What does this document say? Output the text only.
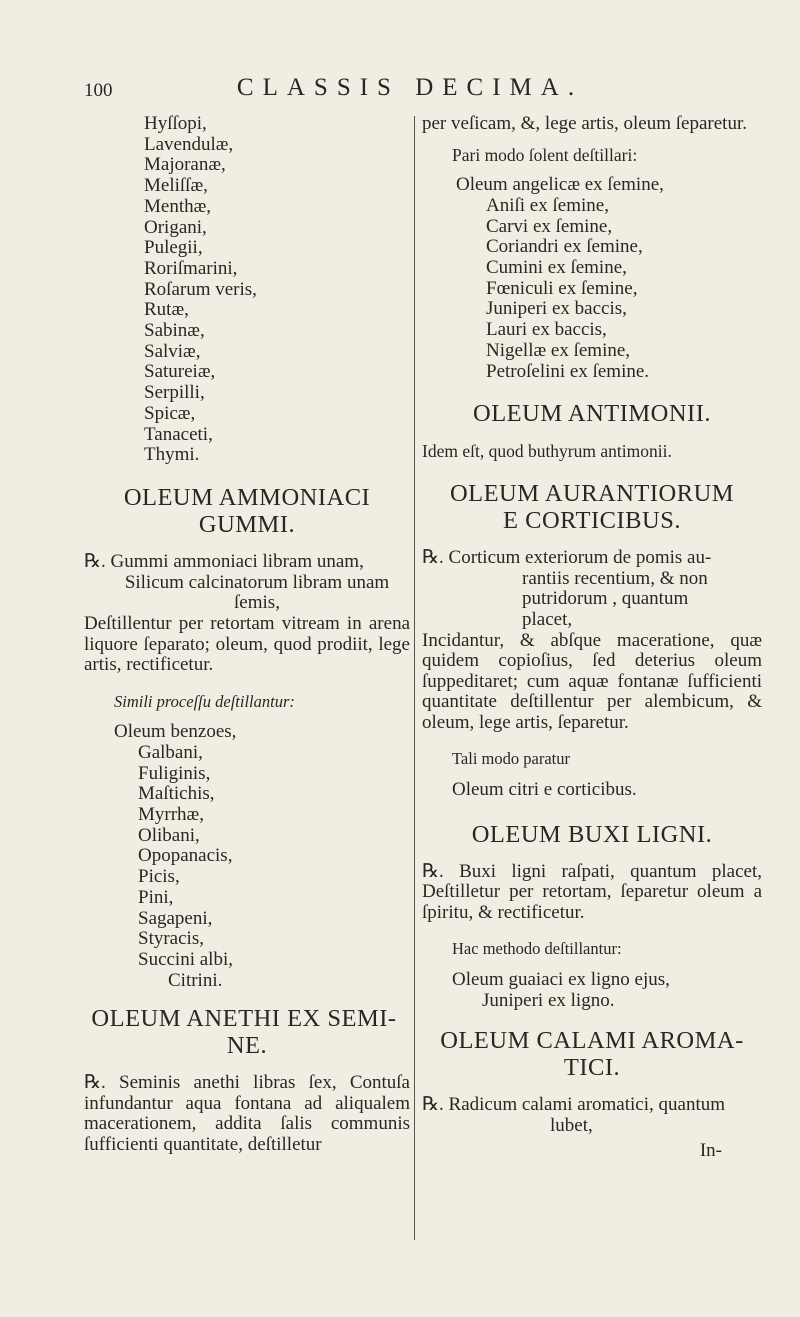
100	CLASSIS DECIMA.
Hyſſopi,
Lavendulæ,
Majoranæ,
Meliſſæ,
Menthæ,
Origani,
Pulegii,
Roriſmarini,
Roſarum veris,
Rutæ,
Sabinæ,
Salviæ,
Satureiæ,
Serpilli,
Spicæ,
Tanaceti,
Thymi.
OLEUM AMMONIACI
GUMMI.
℞. Gummi ammoniaci libram unam,
Silicum calcinatorum libram unam
ſemis,
Deſtillentur per retortam vitream in arena liquore ſeparato; oleum, quod prodiit, lege artis, rectificetur.
Simili proceſſu deſtillantur:
Oleum benzoes,
Galbani,
Fuliginis,
Maſtichis,
Myrrhæ,
Olibani,
Opopanacis,
Picis,
Pini,
Sagapeni,
Styracis,
Succini albi,
Citrini.
OLEUM ANETHI EX SEMI-
NE.
℞. Seminis anethi libras ſex, Contuſa infundantur aqua fontana ad aliqualem macerationem, addita ſalis communis ſufficienti quantitate, deſtilletur
per veſicam, &, lege artis, oleum ſeparetur.
Pari modo ſolent deſtillari:
Oleum angelicæ ex ſemine,
Aniſi ex ſemine,
Carvi ex ſemine,
Coriandri ex ſemine,
Cumini ex ſemine,
Fœniculi ex ſemine,
Juniperi ex baccis,
Lauri ex baccis,
Nigellæ ex ſemine,
Petroſelini ex ſemine.
OLEUM ANTIMONII.
Idem eſt, quod buthyrum antimonii.
OLEUM AURANTIORUM
E CORTICIBUS.
℞. Corticum exteriorum de pomis au-
rantiis recentium, & non
putridorum , quantum
placet,
Incidantur, & abſque maceratione, quæ quidem copioſius, ſed deterius oleum ſuppeditaret; cum aquæ fontanæ ſufficienti quantitate deſtillentur per alembicum, & oleum, lege artis, ſeparetur.
Tali modo paratur
Oleum citri e corticibus.
OLEUM BUXI LIGNI.
℞. Buxi ligni raſpati, quantum placet, Deſtilletur per retortam, ſeparetur oleum a ſpiritu, & rectificetur.
Hac methodo deſtillantur:
Oleum guaiaci ex ligno ejus,
Juniperi ex ligno.
OLEUM CALAMI AROMA-
TICI.
℞. Radicum calami aromatici, quantum
lubet,
In-
